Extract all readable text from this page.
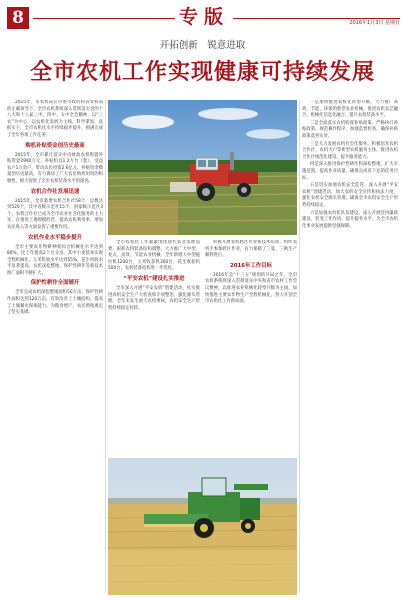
8	专版	2016年1月3日 星期日
开拓创新　锐意进取
全市农机工作实现健康可持续发展

2015年，市农机局在市委市政府和省农机局的正确领导下，全市农机系统深入贯彻落实党的十八大和十八届三中、四中、五中全会精神，以“三农”为中心，以农机化发展为主线，科学谋划，真抓实干，全市农机化水平持续稳步提升，圆满完成了全年各项工作任务。

购机补贴资金创历史最高

2015年，全市累计落实中央财政农机购置补贴资金2990万元，补贴机具1.2万台（套），受益农户1万余户，带动农民投资2.6亿元。补贴资金数量创历史最高，有力调动了广大农民购机用机的积极性，极大促进了全市农机装备水平的提高。

农机合作社发展迅速

2015年，全市新增农机合作社58个，总数达到520个，其中省级示范社15个，国家级示范社3个。农机合作社已成为全市农业社会化服务的主力军，在推进土地规模经营、提高农机利用率、增加农民收入等方面发挥了重要作用。

农机作业水平稳步提升

全市主要农作物耕种收综合机械化水平达到80%，比上年提高2个百分点。其中小麦基本实现全程机械化，玉米机收水平达到55%，花生机收水平显著提高，农机深松整地、保护性耕作等新技术推广面积不断扩大。

保护性耕作全面铺开

全市完成农机深松整地面积50万亩，保护性耕作面积达到120万亩，有效改善了土壤结构，提高了土壤蓄水保墒能力，为粮食增产、农民增收奠定了坚实基础。

全市农机化工作紧紧围绕现代农业发展需要，狠抓农机装备结构调整，大力推广大中型、复式、高效、节能农业机械，全年新增大中型拖拉机1200台、玉米收获机300台、花生收获机500台，农机装备结构进一步优化。

“平安农机”建设扎实推进

全市深入开展“平安农机”创建活动，扎实推进农机安全生产大检查和专项整治，强化源头管理，全年未发生重大农机事故，农机安全生产形势持续稳定好转。

积极开展农机跨区作业和技术培训，组织农机手参加跨区作业，有力保障了三夏、三秋生产顺利进行。

2016年工作目标

2016年是“十三五”规划的开局之年，全市农机系统将深入贯彻落实中央和省市农村工作会议精神，以推进农业机械化转型升级为主线，加快推进主要农作物生产全程机械化，努力开创全市农机化工作新局面。

一是加快推进农机化转型升级。大力推广高效、节能、环保的新型农业机械，推进农机农艺融合、机械化信息化融合，提升农机装备水平。

二是全面落实农机购置补贴政策。严格执行补贴政策，规范操作程序，加强监督检查，确保补贴政策落到实处。

三是大力发展农机社会化服务。积极培育农机合作社、农机大户等新型农机服务主体，推进农机合作社规范化建设，提升服务能力。

四是深入推进保护性耕作和深松整地。扩大实施范围，提高作业质量，确保完成省下达的任务目标。

五是切实加强农机安全监管。深入开展“平安农机”创建活动，加大农机安全宣传和执法力度，强化农机安全源头管理，确保全市农机安全生产形势持续稳定。

六是加强农机化队伍建设。深入开展党风廉政建设，转变工作作风，提升服务水平，为全市农机化事业发展提供坚强保障。
